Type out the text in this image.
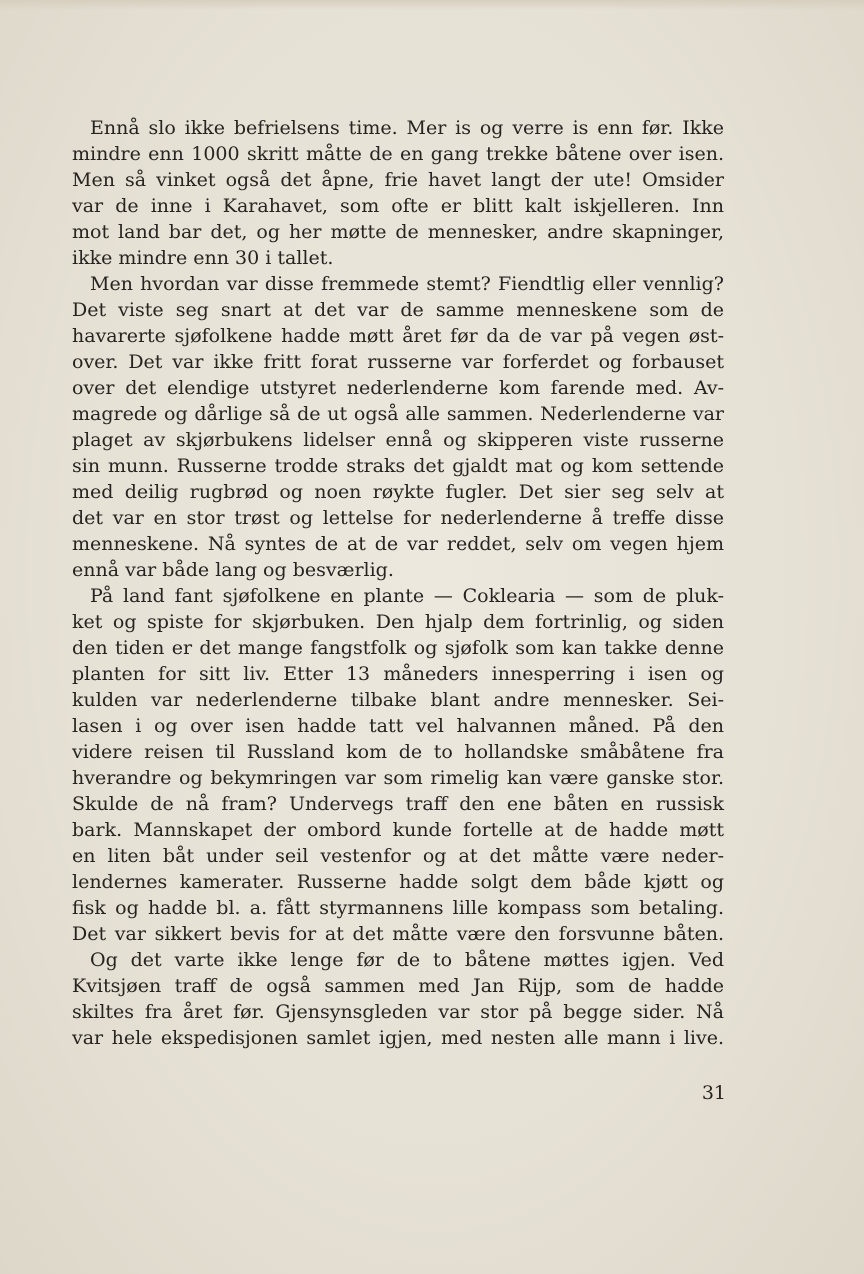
Ennå slo ikke befrielsens time. Mer is og verre is enn før. Ikke
mindre enn 1000 skritt måtte de en gang trekke båtene over isen.
Men så vinket også det åpne, frie havet langt der ute! Omsider
var de inne i Karahavet, som ofte er blitt kalt iskjelleren. Inn
mot land bar det, og her møtte de mennesker, andre skapninger,
ikke mindre enn 30 i tallet.
Men hvordan var disse fremmede stemt? Fiendtlig eller vennlig?
Det viste seg snart at det var de samme menneskene som de
havarerte sjøfolkene hadde møtt året før da de var på vegen øst-
over. Det var ikke fritt forat russerne var forferdet og forbauset
over det elendige utstyret nederlenderne kom farende med. Av-
magrede og dårlige så de ut også alle sammen. Nederlenderne var
plaget av skjørbukens lidelser ennå og skipperen viste russerne
sin munn. Russerne trodde straks det gjaldt mat og kom settende
med deilig rugbrød og noen røykte fugler. Det sier seg selv at
det var en stor trøst og lettelse for nederlenderne å treffe disse
menneskene. Nå syntes de at de var reddet, selv om vegen hjem
ennå var både lang og besværlig.
På land fant sjøfolkene en plante — Coklearia — som de pluk-
ket og spiste for skjørbuken. Den hjalp dem fortrinlig, og siden
den tiden er det mange fangstfolk og sjøfolk som kan takke denne
planten for sitt liv. Etter 13 måneders innesperring i isen og
kulden var nederlenderne tilbake blant andre mennesker. Sei-
lasen i og over isen hadde tatt vel halvannen måned. På den
videre reisen til Russland kom de to hollandske småbåtene fra
hverandre og bekymringen var som rimelig kan være ganske stor.
Skulde de nå fram? Undervegs traff den ene båten en russisk
bark. Mannskapet der ombord kunde fortelle at de hadde møtt
en liten båt under seil vestenfor og at det måtte være neder-
lendernes kamerater. Russerne hadde solgt dem både kjøtt og
fisk og hadde bl. a. fått styrmannens lille kompass som betaling.
Det var sikkert bevis for at det måtte være den forsvunne båten.
Og det varte ikke lenge før de to båtene møttes igjen. Ved
Kvitsjøen traff de også sammen med Jan Rijp, som de hadde
skiltes fra året før. Gjensynsgleden var stor på begge sider. Nå
var hele ekspedisjonen samlet igjen, med nesten alle mann i live.
31
